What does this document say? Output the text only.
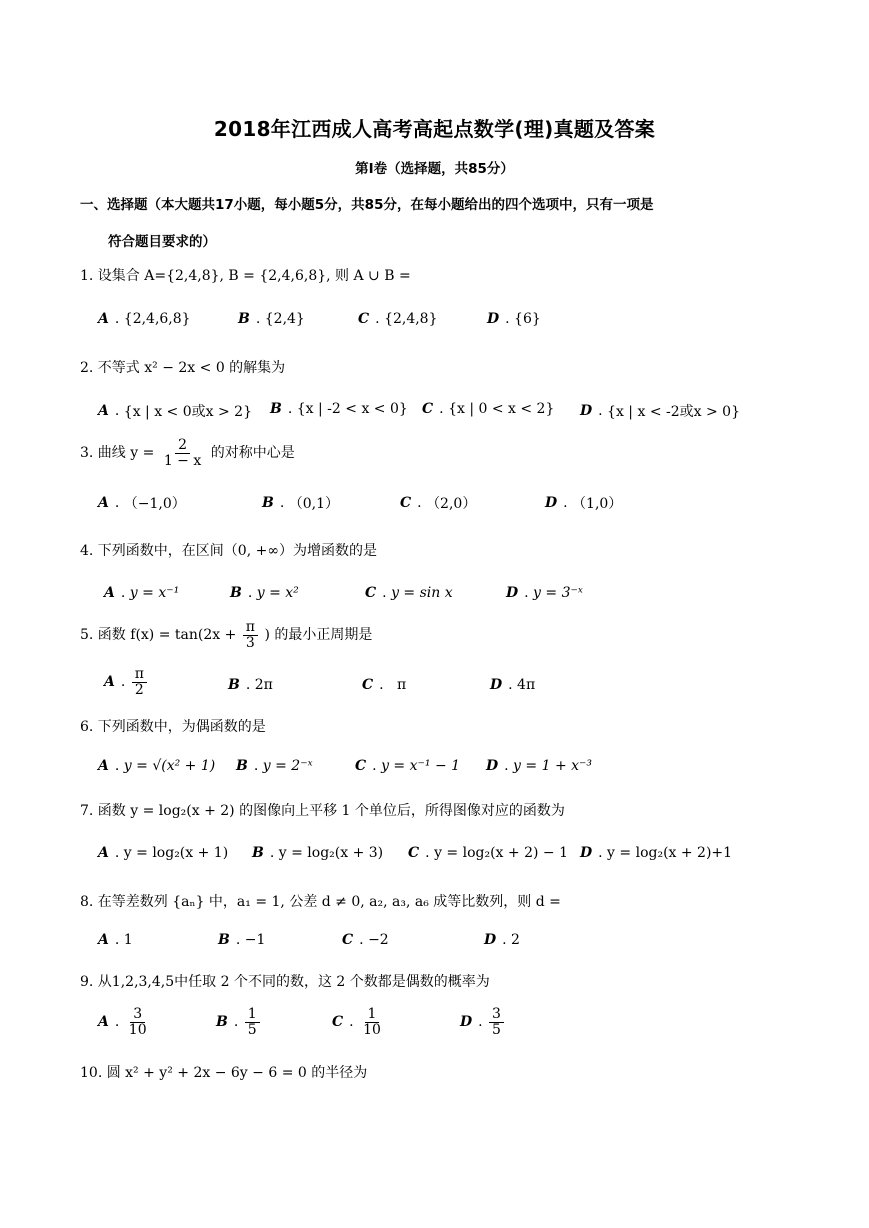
2018年江西成人高考高起点数学(理)真题及答案
第Ⅰ卷（选择题，共85分）
一、选择题（本大题共17小题，每小题5分，共85分，在每小题给出的四个选项中，只有一项是
符合题目要求的）
1. 设集合 A={2,4,8}, B = {2,4,6,8}, 则 A ∪ B =
A . {2,4,6,8}	B . {2,4}	C . {2,4,8}	D . {6}
2. 不等式 x² − 2x < 0 的解集为
A . {x | x < 0或x > 2} B . {x | -2 < x < 0} C . {x | 0 < x < 2} D . {x | x < -2或x > 0}
3. 曲线 $y = \frac{2}{1 - x}$ 的对称中心是
A . （−1,0）	B . （0,1）	C . （2,0）	D . （1,0）
4. 下列函数中，在区间（0, +∞）为增函数的是
A . y = x⁻¹	B . y = x²	C . y = sin x	D . y = 3⁻ˣ
5. 函数 $f(x) = \tan(2x + \frac{\pi}{3}$ ) 的最小正周期是
A . $\frac{\pi}{2}$	B . 2π	C . π	D . 4π
6. 下列函数中，为偶函数的是
A . y = √(x² + 1) B . y = 2⁻ˣ	C . y = x⁻¹ − 1 D . y = 1 + x⁻³
7. 函数 y = log₂(x + 2) 的图像向上平移 1 个单位后，所得图像对应的函数为
A . y = log₂(x + 1) B . y = log₂(x + 3) C . y = log₂(x + 2) − 1 D . y = log₂(x + 2)+1
8. 在等差数列 {aₙ} 中，a₁ = 1, 公差 d ≠ 0, a₂, a₃, a₆ 成等比数列，则 d =
A . 1	B . −1	C . −2	D . 2
9. 从1,2,3,4,5中任取 2 个不同的数，这 2 个数都是偶数的概率为
A . $\frac{3}{10}$	B . $\frac{1}{5}$	C . $\frac{1}{10}$	D . $\frac{3}{5}$
10. 圆 x² + y² + 2x − 6y − 6 = 0 的半径为
